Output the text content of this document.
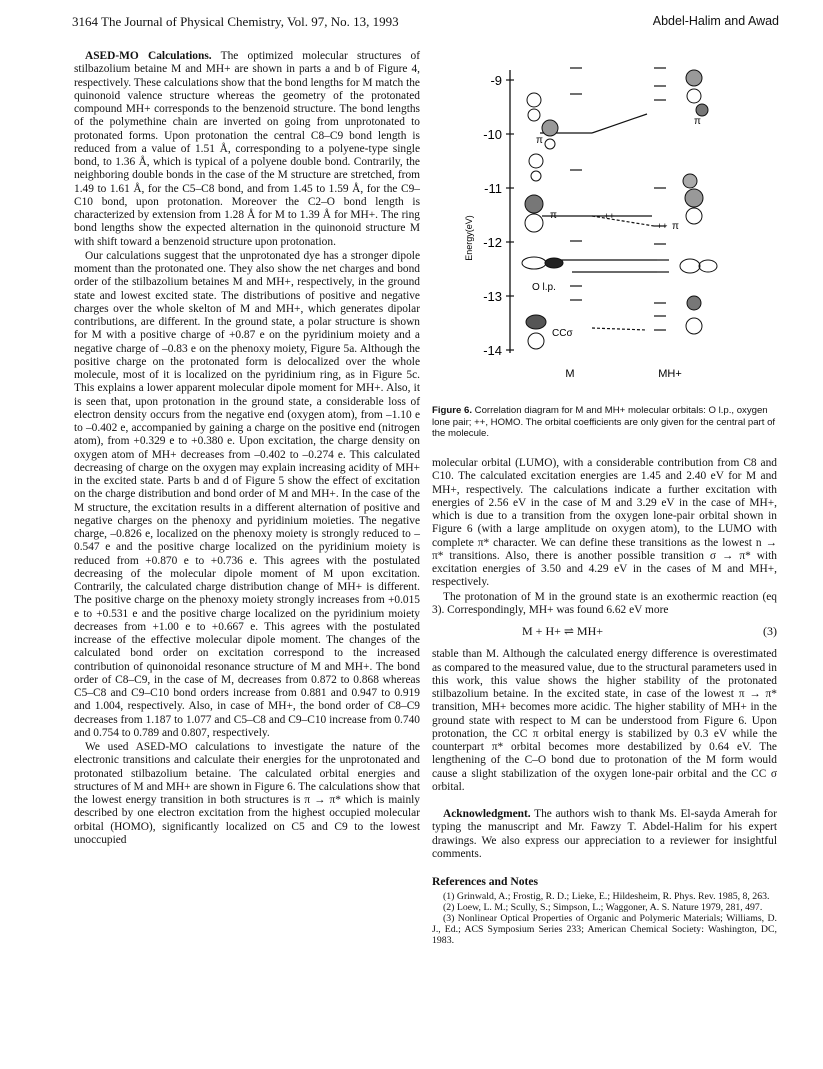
3164 The Journal of Physical Chemistry, Vol. 97, No. 13, 1993	Abdel-Halim and Awad

ASED-MO Calculations. The optimized molecular structures of stilbazolium betaine M and MH+ are shown in parts a and b of Figure 4, respectively. These calculations show that the bond lengths for M match the quinonoid valence structure whereas the geometry of the protonated compound MH+ corresponds to the benzenoid structure. The bond lengths of the polymethine chain are inverted on going from unprotonated to protonated forms. Upon protonation the central C8–C9 bond length is reduced from a value of 1.51 Å, corresponding to a polyene-type single bond, to 1.36 Å, which is typical of a polyene double bond. Contrarily, the neighboring double bonds in the case of the M structure are stretched, from 1.49 to 1.61 Å, for the C5–C8 bond, and from 1.45 to 1.59 Å, for the C9–C10 bond, upon protonation. Moreover the C2–O bond length is characterized by extension from 1.28 Å for M to 1.39 Å for MH+. The ring bond lengths show the expected alternation in the quinonoid structure M with shift toward a benzenoid structure upon protonation.

Our calculations suggest that the unprotonated dye has a stronger dipole moment than the protonated one. They also show the net charges and bond order of the stilbazolium betaines M and MH+, respectively, in the ground state and lowest excited state. The distributions of positive and negative charges over the whole skelton of M and MH+, which generates dipolar contributions, are different. In the ground state, a polar structure is shown for M with a positive charge of +0.87 e on the pyridinium moiety and a negative charge of –0.83 e on the phenoxy moiety, Figure 5a. Although the positive charge on the protonated form is delocalized over the whole molecule, most of it is localized on the pyridinium ring, as in Figure 5c. This explains a lower apparent molecular dipole moment for MH+. Also, it is seen that, upon protonation in the ground state, a considerable loss of electron density occurs from the negative end (oxygen atom), from –1.10 e to –0.402 e, accompanied by gaining a charge on the positive end (nitrogen atom), from +0.329 e to +0.380 e. Upon excitation, the charge density on oxygen atom of MH+ decreases from –0.402 to –0.274 e. This calculated decreasing of charge on the oxygen may explain increasing acidity of MH+ in the excited state. Parts b and d of Figure 5 show the effect of excitation on the charge distribution and bond order of M and MH+. In the case of the M structure, the excitation results in a different alternation of positive and negative charges on the phenoxy and pyridinium moieties. The negative charge, –0.826 e, localized on the phenoxy moiety is strongly reduced to –0.547 e and the positive charge localized on the pyridinium moiety is reduced from +0.870 e to +0.736 e. This agrees with the postulated decreasing of the molecular dipole moment of M upon excitation. Contrarily, the calculated charge distribution change of MH+ is different. The positive charge on the phenoxy moiety strongly increases from +0.015 e to +0.531 e and the positive charge localized on the pyridinium moiety decreases from +1.00 e to +0.667 e. This agrees with the postulated increase of the effective molecular dipole moment. The changes of the calculated bond order on excitation correspond to the increased contribution of quinonoidal resonance structure of M and MH+. The bond order of C8–C9, in the case of M, decreases from 0.872 to 0.868 whereas C5–C8 and C9–C10 bond orders increase from 0.881 and 0.947 to 0.919 and 1.004, respectively. Also, in case of MH+, the bond order of C8–C9 decreases from 1.187 to 1.077 and C5–C8 and C9–C10 increase from 0.740 and 0.754 to 0.789 and 0.807, respectively.

We used ASED-MO calculations to investigate the nature of the electronic transitions and calculate their energies for the unprotonated and protonated stilbazolium betaine. The calculated orbital energies and structures of M and MH+ are shown in Figure 6. The calculations show that the lowest energy transition in both structures is π → π* which is mainly described by one electron excitation from the highest occupied molecular orbital (HOMO), significantly localized on C5 and C9 to the lowest unoccupied

-9
-10
-11
-12
-13
-14
Energy(eV)
π
π
π	++
++ π
O l.p.
CCσ
M	MH+
Figure 6. Correlation diagram for M and MH+ molecular orbitals: O l.p., oxygen lone pair; ++, HOMO. The orbital coefficients are only given for the central part of the molecule.

molecular orbital (LUMO), with a considerable contribution from C8 and C10. The calculated excitation energies are 1.45 and 2.40 eV for M and MH+, respectively. The calculations indicate a further excitation with energies of 2.56 eV in the case of M and 3.29 eV in the case of MH+, which is due to a transition from the oxygen lone-pair orbital shown in Figure 6 (with a large amplitude on oxygen atom), to the LUMO with complete π* character. We can define these transitions as the lowest n → π* transitions. Also, there is another possible transition σ → π* with excitation energies of 3.50 and 4.29 eV in the cases of M and MH+, respectively.

The protonation of M in the ground state is an exothermic reaction (eq 3). Correspondingly, MH+ was found 6.62 eV more

M + H+ ⇌ MH+	(3)

stable than M. Although the calculated energy difference is overestimated as compared to the measured value, due to the structural parameters used in this work, this value shows the higher stability of the protonated stilbazolium betaine. In the excited state, in case of the lowest π → π* transition, MH+ becomes more acidic. The higher stability of MH+ in the ground state with respect to M can be understood from Figure 6. Upon protonation, the CC π orbital energy is stabilized by 0.3 eV while the counterpart π* orbital becomes more destabilized by 0.64 eV. The lengthening of the C–O bond due to protonation of the M form would cause a slight stabilization of the oxygen lone-pair orbital and the CC σ orbital.

Acknowledgment. The authors wish to thank Ms. El-sayda Amerah for typing the manuscript and Mr. Fawzy T. Abdel-Halim for his expert drawings. We also express our appreciation to a reviewer for insightful comments.

References and Notes
(1) Grinwald, A.; Frostig, R. D.; Lieke, E.; Hildesheim, R. Phys. Rev. 1985, 8, 263.
(2) Loew, L. M.; Scully, S.; Simpson, L.; Waggoner, A. S. Nature 1979, 281, 497.
(3) Nonlinear Optical Properties of Organic and Polymeric Materials; Williams, D. J., Ed.; ACS Symposium Series 233; American Chemical Society: Washington, DC, 1983.
